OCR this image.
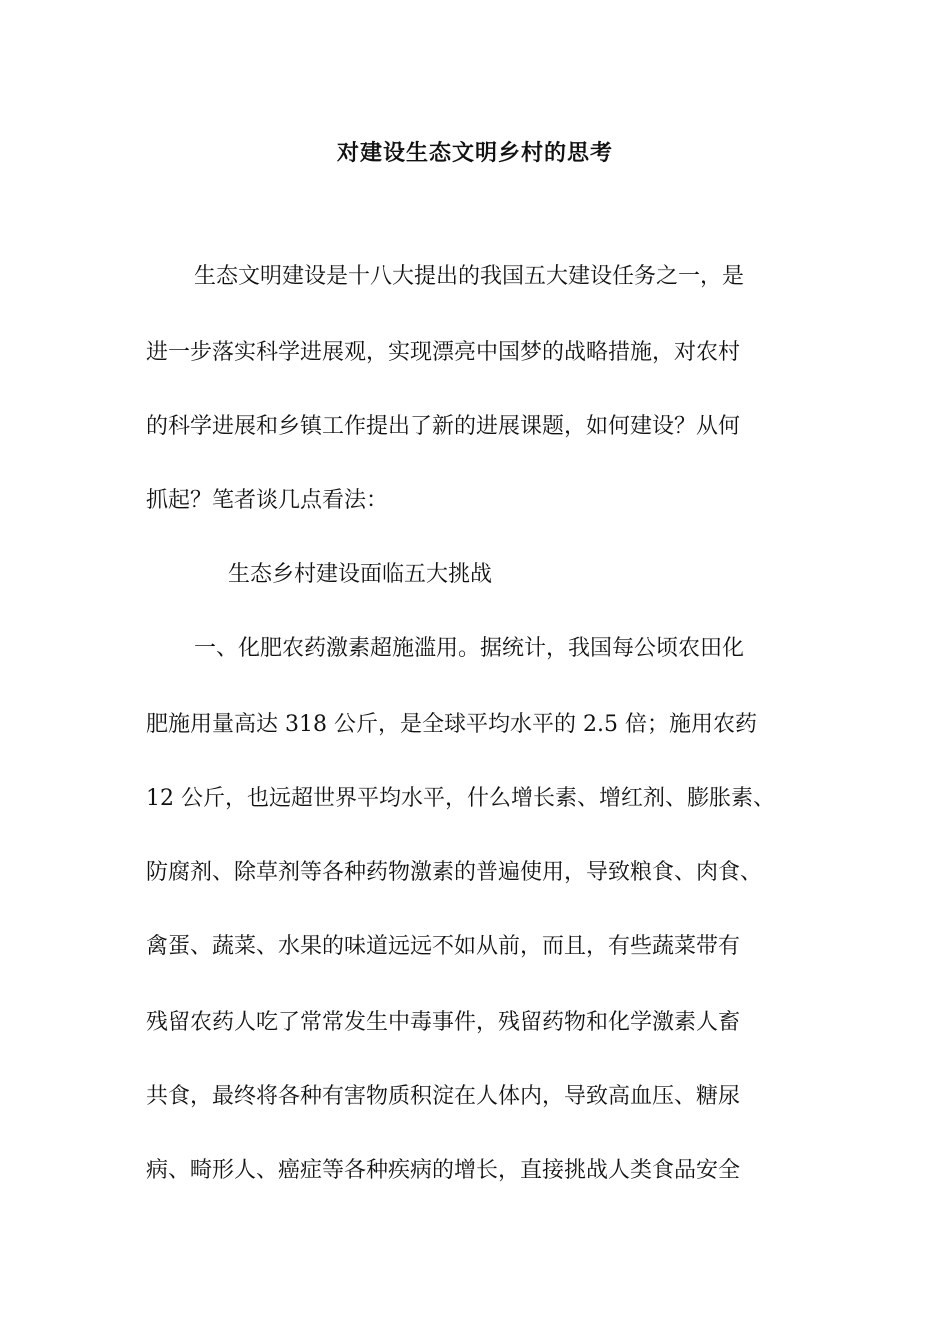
对建设生态文明乡村的思考
生态文明建设是十八大提出的我国五大建设任务之一，是
进一步落实科学进展观，实现漂亮中国梦的战略措施，对农村
的科学进展和乡镇工作提出了新的进展课题，如何建设？从何
抓起？笔者谈几点看法：
生态乡村建设面临五大挑战
一、化肥农药激素超施滥用。据统计，我国每公顷农田化
肥施用量高达 318 公斤，是全球平均水平的 2.5 倍；施用农药
12 公斤，也远超世界平均水平，什么增长素、增红剂、膨胀素、
防腐剂、除草剂等各种药物激素的普遍使用，导致粮食、肉食、
禽蛋、蔬菜、水果的味道远远不如从前，而且，有些蔬菜带有
残留农药人吃了常常发生中毒事件，残留药物和化学激素人畜
共食，最终将各种有害物质积淀在人体内，导致高血压、糖尿
病、畸形人、癌症等各种疾病的增长，直接挑战人类食品安全
